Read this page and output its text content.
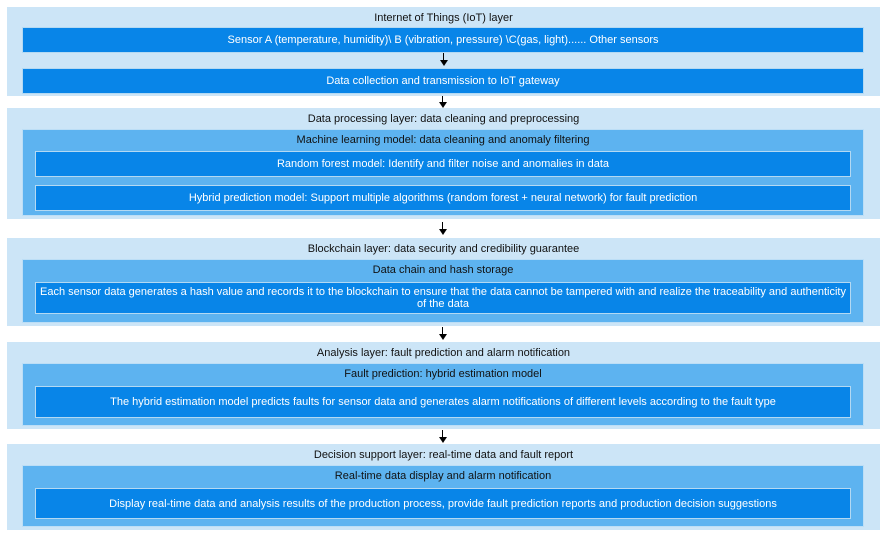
Internet of Things (IoT) layer
Sensor A (temperature, humidity)\ B (vibration, pressure) \C(gas, light)...... Other sensors
Data collection and transmission to IoT gateway
Data processing layer: data cleaning and preprocessing
Machine learning model: data cleaning and anomaly filtering
Random forest model: Identify and filter noise and anomalies in data
Hybrid prediction model: Support multiple algorithms (random forest + neural network) for fault prediction
Blockchain layer: data security and credibility guarantee
Data chain and hash storage
Each sensor data generates a hash value and records it to the blockchain to ensure that the data cannot be tampered with and realize the traceability and authenticity of the data
Analysis layer: fault prediction and alarm notification
Fault prediction: hybrid estimation model
The hybrid estimation model predicts faults for sensor data and generates alarm notifications of different levels according to the fault type
Decision support layer: real-time data and fault report
Real-time data display and alarm notification
Display real-time data and analysis results of the production process, provide fault prediction reports and production decision suggestions
